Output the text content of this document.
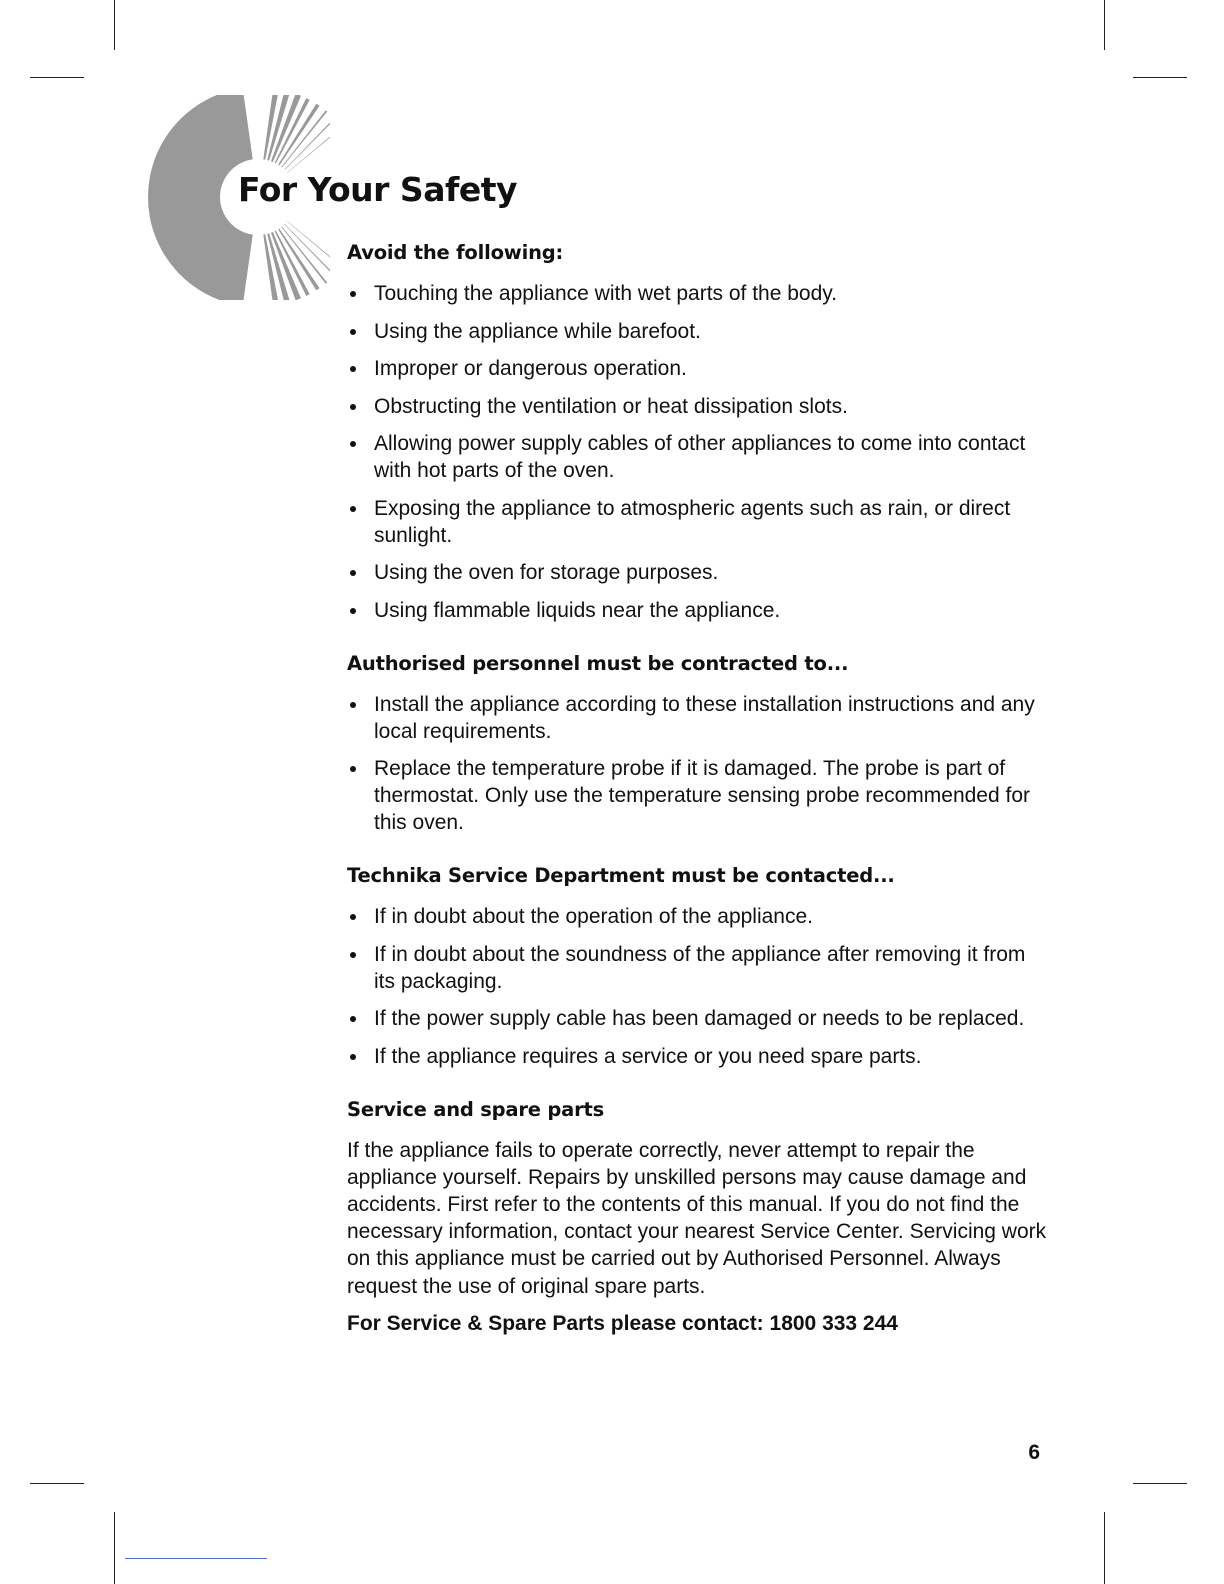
For Your Safety
Avoid the following:
Touching the appliance with wet parts of the body.
Using the appliance while barefoot.
Improper or dangerous operation.
Obstructing the ventilation or heat dissipation slots.
Allowing power supply cables of other appliances to come into contact with hot parts of the oven.
Exposing the appliance to atmospheric agents such as rain, or direct sunlight.
Using the oven for storage purposes.
Using flammable liquids near the appliance.
Authorised personnel must be contracted to...
Install the appliance according to these installation instructions and any local requirements.
Replace the temperature probe if it is damaged. The probe is part of thermostat. Only use the temperature sensing probe recommended for this oven.
Technika Service Department must be contacted...
If in doubt about the operation of the appliance.
If in doubt about the soundness of the appliance after removing it from its packaging.
If the power supply cable has been damaged or needs to be replaced.
If the appliance requires a service or you need spare parts.
Service and spare parts

If the appliance fails to operate correctly, never attempt to repair the appliance yourself. Repairs by unskilled persons may cause damage and accidents. First refer to the contents of this manual. If you do not find the necessary information, contact your nearest Service Center. Servicing work on this appliance must be carried out by Authorised Personnel. Always request the use of original spare parts.

For Service & Spare Parts please contact: 1800 333 244

6
